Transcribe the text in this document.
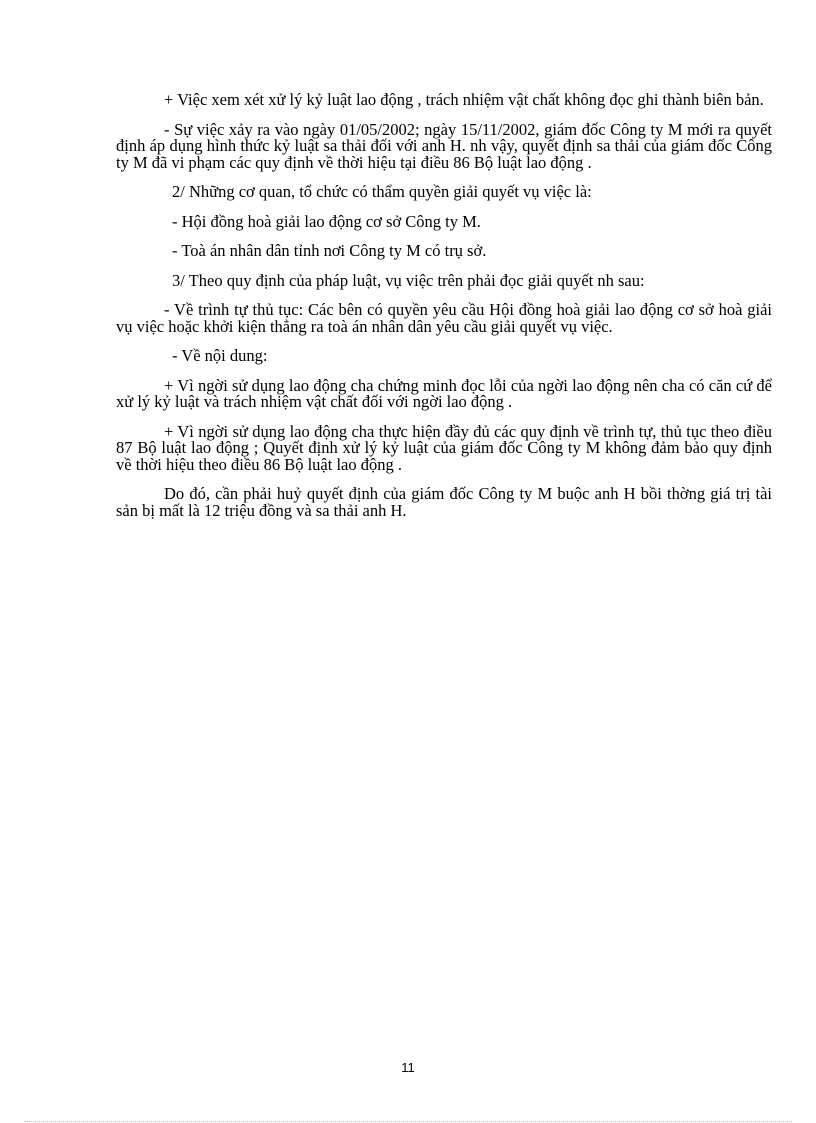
+ Việc xem xét xử lý kỷ luật lao động , trách nhiệm vật chất không đọc ghi thành biên bản.

- Sự việc xảy ra vào ngày 01/05/2002; ngày 15/11/2002, giám đốc Công ty M mới ra quyết định áp dụng hình thức kỷ luật sa thải đối với anh H. nh vậy, quyết định sa thải của giám đốc Công ty M đã vi phạm các quy định về thời hiệu tại điều 86 Bộ luật lao động .

2/ Những cơ quan, tổ chức có thẩm quyền giải quyết vụ việc là:

- Hội đồng hoà giải lao động cơ sở Công ty M.

- Toà án nhân dân tỉnh nơi Công ty M có trụ sở.

3/ Theo quy định của pháp luật, vụ việc trên phải đọc giải quyết nh sau:

- Về trình tự thủ tục: Các bên có quyền yêu cầu Hội đồng hoà giải lao động cơ sở hoà giải vụ việc hoặc khởi kiện thẳng ra toà án nhân dân yêu cầu giải quyết vụ việc.

- Về nội dung:

+ Vì ngời sử dụng lao động cha chứng minh đọc lỗi của ngời lao động nên cha có căn cứ để xử lý kỷ luật và trách nhiệm vật chất đối với ngời lao động .

+ Vì ngời sử dụng lao động cha thực hiện đầy đủ các quy định về trình tự, thủ tục theo điều 87 Bộ luật lao động ; Quyết định xử lý kỷ luật của giám đốc Công ty M không đảm bảo quy định về thời hiệu theo điều 86 Bộ luật lao động .

Do đó, cần phải huỷ quyết định của giám đốc Công ty M buộc anh H bồi thờng giá trị tài sản bị mất là 12 triệu đồng và sa thải anh H.

11
